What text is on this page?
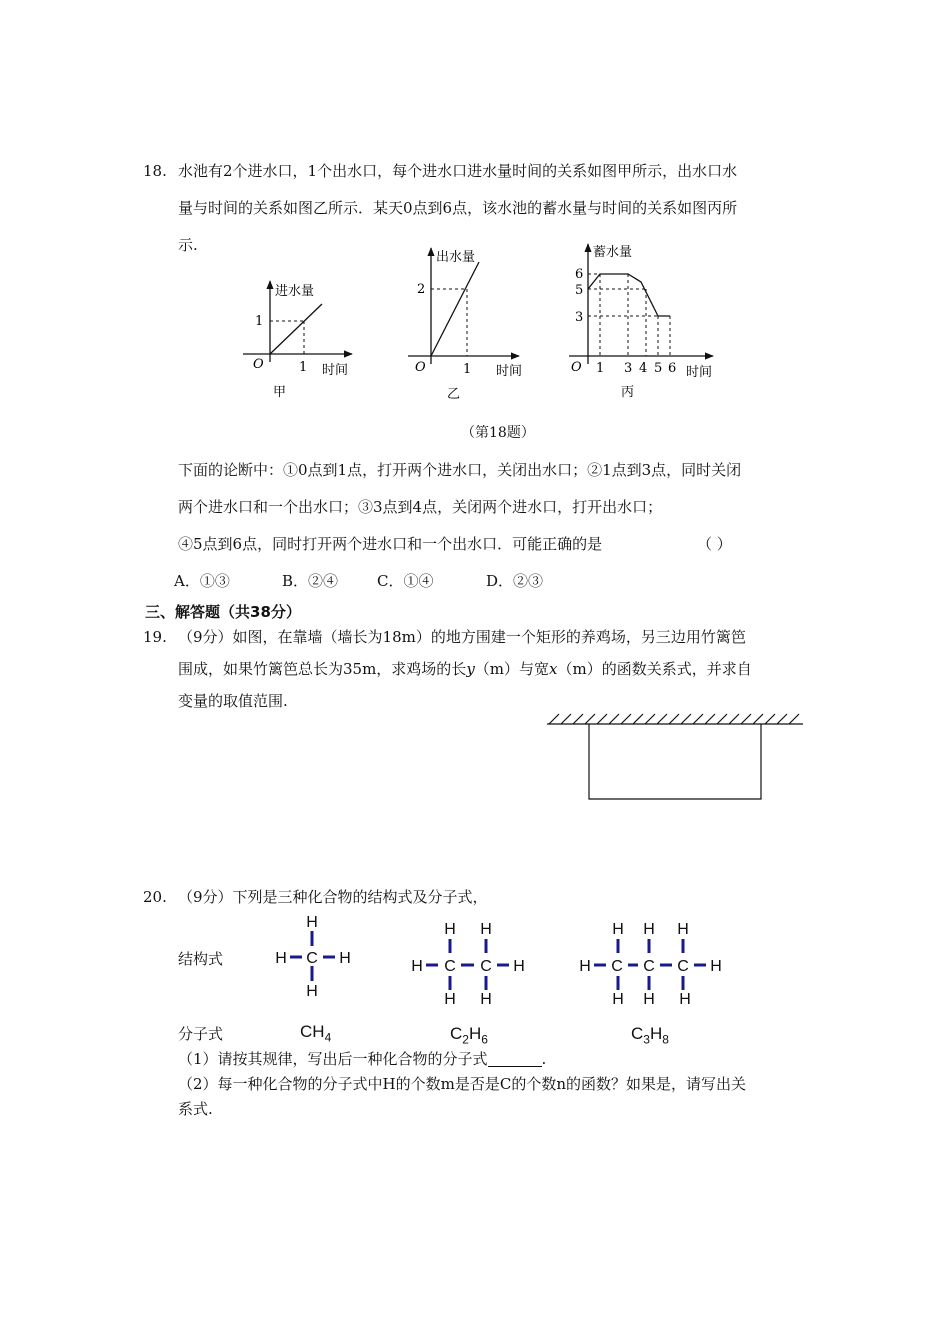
18. 水池有2个进水口，1个出水口，每个进水口进水量时间的关系如图甲所示，出水口水
量与时间的关系如图乙所示．某天0点到6点，该水池的蓄水量与时间的关系如图丙所
示.
O	1
1
进水量
时间
甲
O	1
2
出水量
时间
乙
O 1 3 4 5 6
6
5
3
蓄水量
时间
丙
（第18题）
下面的论断中：①0点到1点，打开两个进水口，关闭出水口；②1点到3点，同时关闭
两个进水口和一个出水口；③3点到4点，关闭两个进水口，打开出水口；
④5点到6点，同时打开两个进水口和一个出水口．可能正确的是	（ ）
A．①③	B．②④	C．①④	D．②③
三、解答题（共38分）
19. （9分）如图，在靠墙（墙长为18m）的地方围建一个矩形的养鸡场，另三边用竹篱笆
围成，如果竹篱笆总长为35m，求鸡场的长y（m）与宽x（m）的函数关系式，并求自
变量的取值范围.
20. （9分）下列是三种化合物的结构式及分子式，
结构式
H
H C H
H
H H
H C C H
H H
H H H
H C C C H
H H H
分子式	$CH_4$	$C_2H_6$	$C_3H_8$
（1）请按其规律，写出后一种化合物的分子式	.
（2）每一种化合物的分子式中H的个数m是否是C的个数n的函数？如果是，请写出关
系式.
